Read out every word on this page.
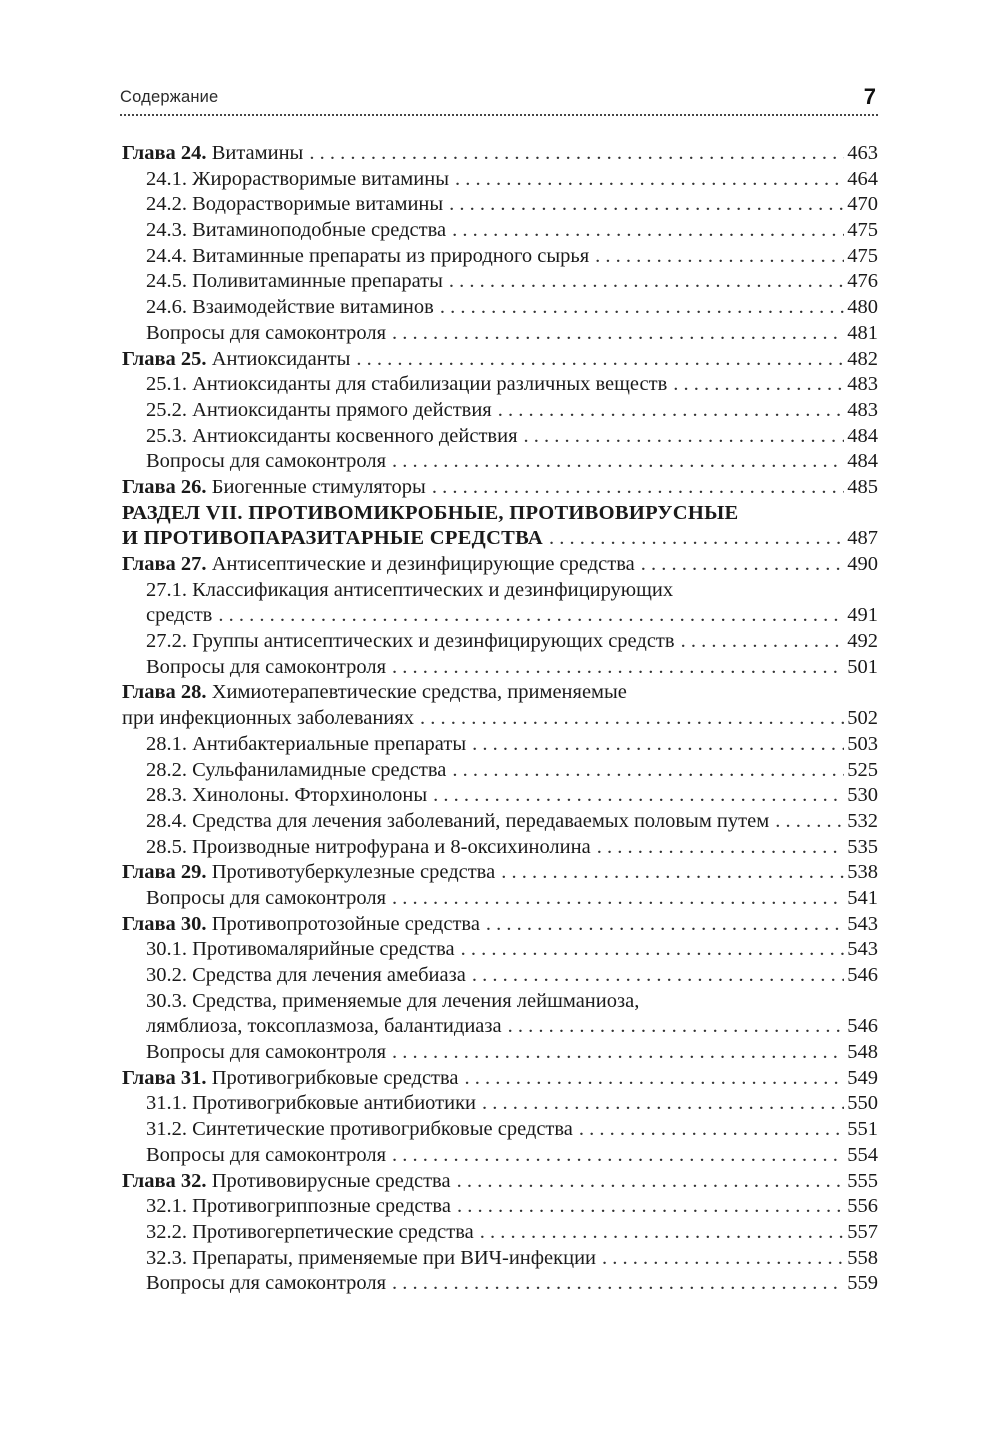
Содержание	7
Глава 24. Витамины . . .	463
24.1. Жирорастворимые витамины . . .	464
24.2. Водорастворимые витамины . . .	470
24.3. Витаминоподобные средства . . .	475
24.4. Витаминные препараты из природного сырья . . .	475
24.5. Поливитаминные препараты . . .	476
24.6. Взаимодействие витаминов . . .	480
Вопросы для самоконтроля . . .	481
Глава 25. Антиоксиданты . . .	482
25.1. Антиоксиданты для стабилизации различных веществ . . .	483
25.2. Антиоксиданты прямого действия . . .	483
25.3. Антиоксиданты косвенного действия . . .	484
Вопросы для самоконтроля . . .	484
Глава 26. Биогенные стимуляторы . . .	485
РАЗДЕЛ VII. ПРОТИВОМИКРОБНЫЕ, ПРОТИВОВИРУСНЫЕ
И ПРОТИВОПАРАЗИТАРНЫЕ СРЕДСТВА . . .	487
Глава 27. Антисептические и дезинфицирующие средства . . .	490
27.1. Классификация антисептических и дезинфицирующих
средств . . .	491
27.2. Группы антисептических и дезинфицирующих средств . . .	492
Вопросы для самоконтроля . . .	501
Глава 28. Химиотерапевтические средства, применяемые
при инфекционных заболеваниях . . .	502
28.1. Антибактериальные препараты . . .	503
28.2. Сульфаниламидные средства . . .	525
28.3. Хинолоны. Фторхинолоны . . .	530
28.4. Средства для лечения заболеваний, передаваемых половым путем . . .	532
28.5. Производные нитрофурана и 8-оксихинолина . . .	535
Глава 29. Противотуберкулезные средства . . .	538
Вопросы для самоконтроля . . .	541
Глава 30. Противопротозойные средства . . .	543
30.1. Противомалярийные средства . . .	543
30.2. Средства для лечения амебиаза . . .	546
30.3. Средства, применяемые для лечения лейшманиоза,
лямблиоза, токсоплазмоза, балантидиаза . . .	546
Вопросы для самоконтроля . . .	548
Глава 31. Противогрибковые средства . . .	549
31.1. Противогрибковые антибиотики . . .	550
31.2. Синтетические противогрибковые средства . . .	551
Вопросы для самоконтроля . . .	554
Глава 32. Противовирусные средства . . .	555
32.1. Противогриппозные средства . . .	556
32.2. Противогерпетические средства . . .	557
32.3. Препараты, применяемые при ВИЧ-инфекции . . .	558
Вопросы для самоконтроля . . .	559
